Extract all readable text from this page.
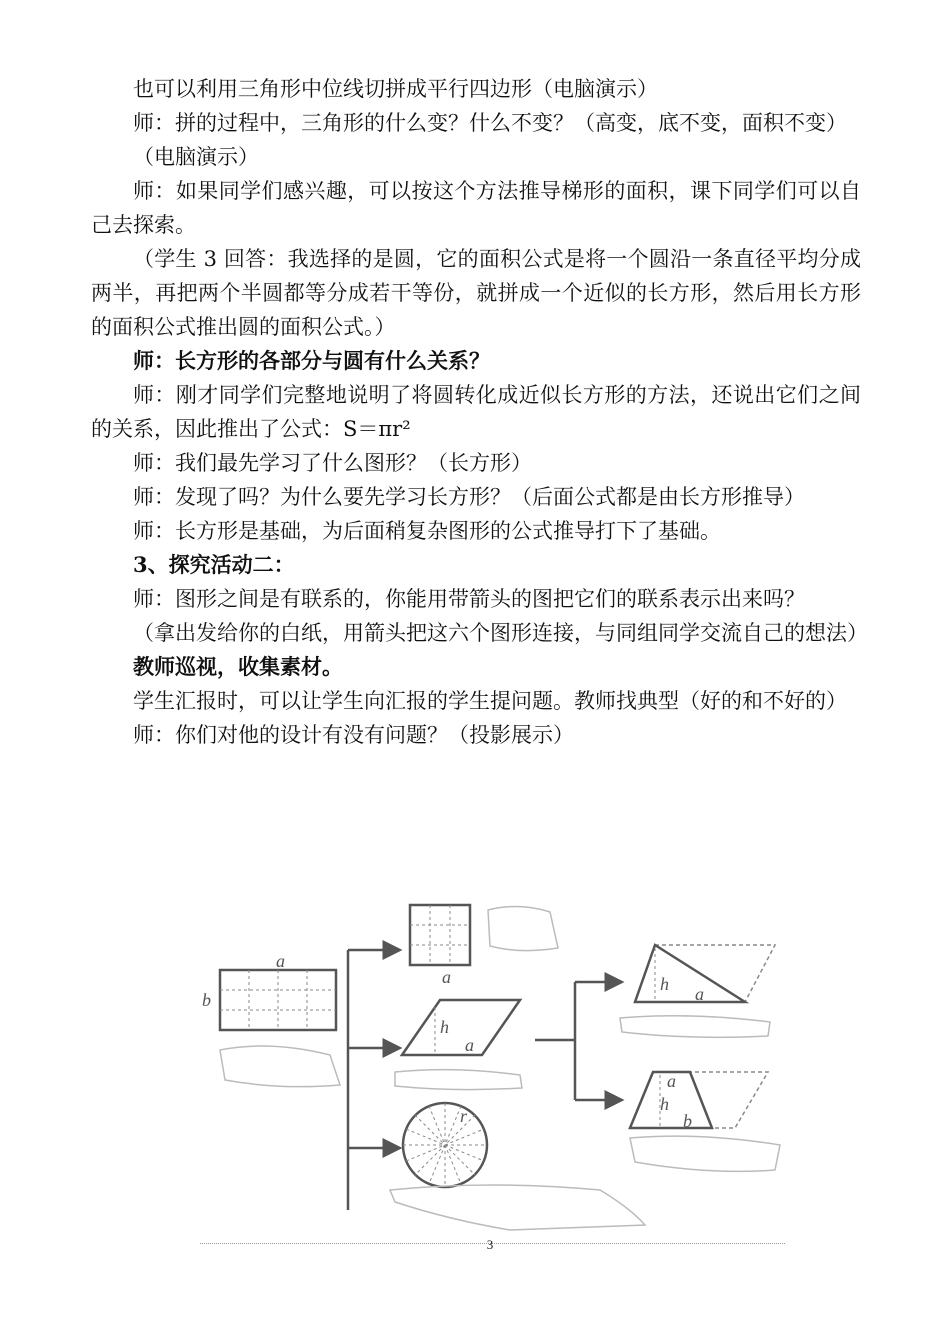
也可以利用三角形中位线切拼成平行四边形（电脑演示）

师：拼的过程中，三角形的什么变？什么不变？（高变，底不变，面积不变）

（电脑演示）

师：如果同学们感兴趣，可以按这个方法推导梯形的面积，课下同学们可以自己去探索。

（学生 3 回答：我选择的是圆，它的面积公式是将一个圆沿一条直径平均分成两半，再把两个半圆都等分成若干等份，就拼成一个近似的长方形，然后用长方形的面积公式推出圆的面积公式。）

师：长方形的各部分与圆有什么关系？

师：刚才同学们完整地说明了将圆转化成近似长方形的方法，还说出它们之间的关系，因此推出了公式：S＝πr²

师：我们最先学习了什么图形？（长方形）

师：发现了吗？为什么要先学习长方形？（后面公式都是由长方形推导）

师：长方形是基础，为后面稍复杂图形的公式推导打下了基础。

3、探究活动二：

师：图形之间是有联系的，你能用带箭头的图把它们的联系表示出来吗？

（拿出发给你的白纸，用箭头把这六个图形连接，与同组同学交流自己的想法）

教师巡视，收集素材。

学生汇报时，可以让学生向汇报的学生提问题。教师找典型（好的和不好的）

师：你们对他的设计有没有问题？（投影展示）

a
b
a
h
a
r
h a
a
h
b
3
